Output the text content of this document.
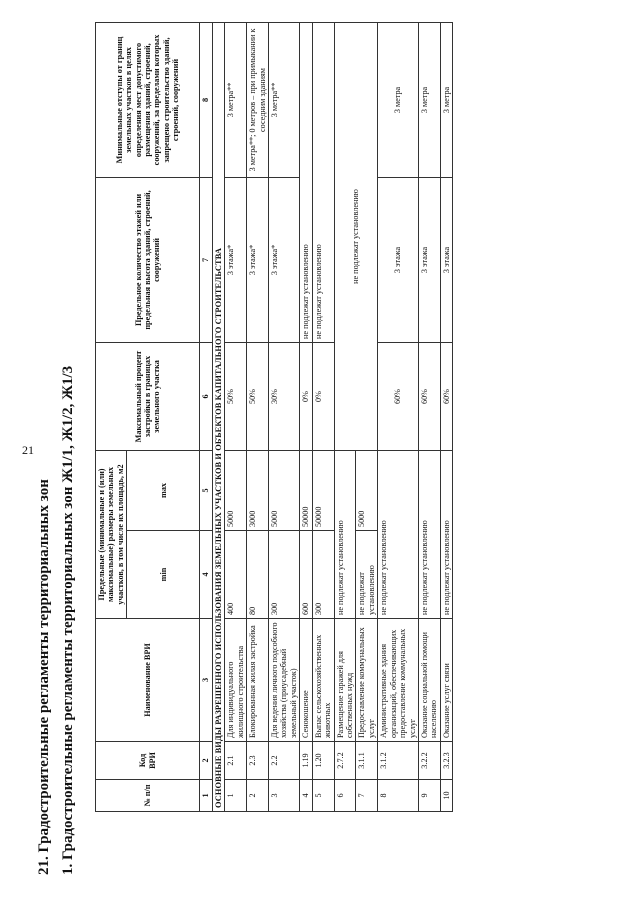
21
21. Градостроительные регламенты территориальных зон 1. Градостроительные регламенты территориальных зон Ж1/1, Ж1/2, Ж1/3	№ п/п	Код ВРИ	Наименование ВРИ	Предельные (минимальные и (или) максимальные) размеры земельных участков, в том числе их площадь, м2		Максимальный процент застройки в границах земельного участка	Предельное количество этажей или предельная высота зданий, строений, сооружений	Минимальные отступы от границ земельных участков в целях определения мест допустимого размещения зданий, строений, сооружений, за пределами которых запрещено строительство зданий, строений, сооружений
			min	max			
1	2	3	4	5	6	7	8
ОСНОВНЫЕ ВИДЫ РАЗРЕШЕННОГО ИСПОЛЬЗОВАНИЯ ЗЕМЕЛЬНЫХ УЧАСТКОВ И ОБЪЕКТОВ КАПИТАЛЬНОГО СТРОИТЕЛЬСТВА							
1	2.1	Для индивидуального жилищного строительства	400	5000	50%	3 этажа*	3 метра**
2	2.3	Блокированная жилая застройка	80	3000	50%	3 этажа*	3 метра**; 0 метров – при примыкании к соседним зданиям
3	2.2	Для ведения личного подсобного хозяйства (приусадебный земельный участок)	300	5000	30%	3 этажа*	3 метра**
4	1.19	Сенокошение	600	50000	0%	не подлежат установлению	
5	1.20	Выпас сельскохозяйственных животных	300	50000	0%	не подлежат установлению	
6	2.7.2	Размещение гаражей для собственных нужд	не подлежат установлению		не подлежат установлению		
7	3.1.1	Предоставление коммунальных услуг	не подлежат установлению	5000			
8	3.1.2	Административные здания организаций, обеспечивающих предоставление коммунальных услуг	не подлежат установлению		60%	3 этажа	3 метра
9	3.2.2	Оказание социальной помощи населению	не подлежат установлению		60%	3 этажа	3 метра
10	3.2.3	Оказание услуг связи	не подлежат установлению		60%	3 этажа	3 метра
